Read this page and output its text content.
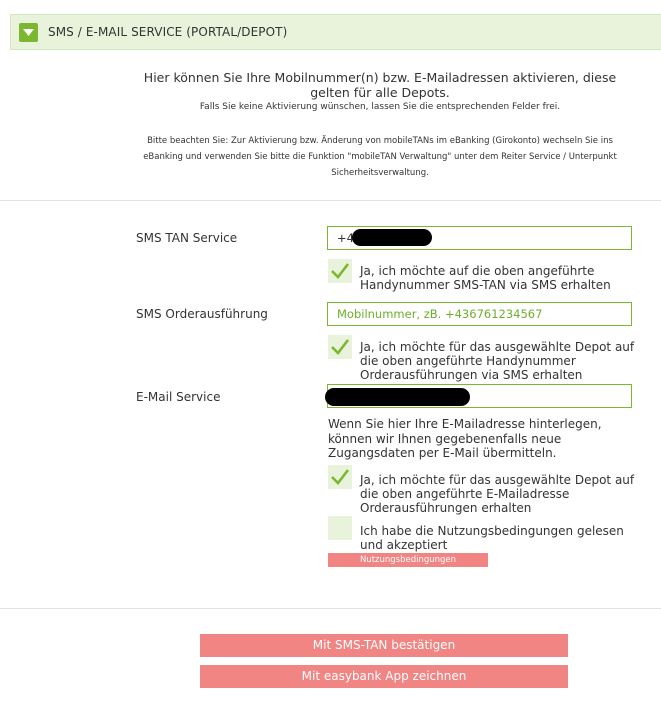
SMS / E-MAIL SERVICE (PORTAL/DEPOT)
Hier können Sie Ihre Mobilnummer(n) bzw. E-Mailadressen aktivieren, diese gelten für alle Depots.
Falls Sie keine Aktivierung wünschen, lassen Sie die entsprechenden Felder frei.
Bitte beachten Sie: Zur Aktivierung bzw. Änderung von mobileTANs im eBanking (Girokonto) wechseln Sie ins eBanking und verwenden Sie bitte die Funktion "mobileTAN Verwaltung" unter dem Reiter Service / Unterpunkt Sicherheitsverwaltung.
SMS TAN Service
+43
Ja, ich möchte auf die oben angeführte Handynummer SMS-TAN via SMS erhalten
SMS Orderausführung
Mobilnummer, zB. +436761234567
Ja, ich möchte für das ausgewählte Depot auf die oben angeführte Handynummer Orderausführungen via SMS erhalten
E-Mail Service
Wenn Sie hier Ihre E-Mailadresse hinterlegen, können wir Ihnen gegebenenfalls neue Zugangsdaten per E-Mail übermitteln.
Ja, ich möchte für das ausgewählte Depot auf die oben angeführte E-Mailadresse Orderausführungen erhalten
Ich habe die Nutzungsbedingungen gelesen und akzeptiert
Nutzungsbedingungen
Mit SMS-TAN bestätigen
Mit easybank App zeichnen
